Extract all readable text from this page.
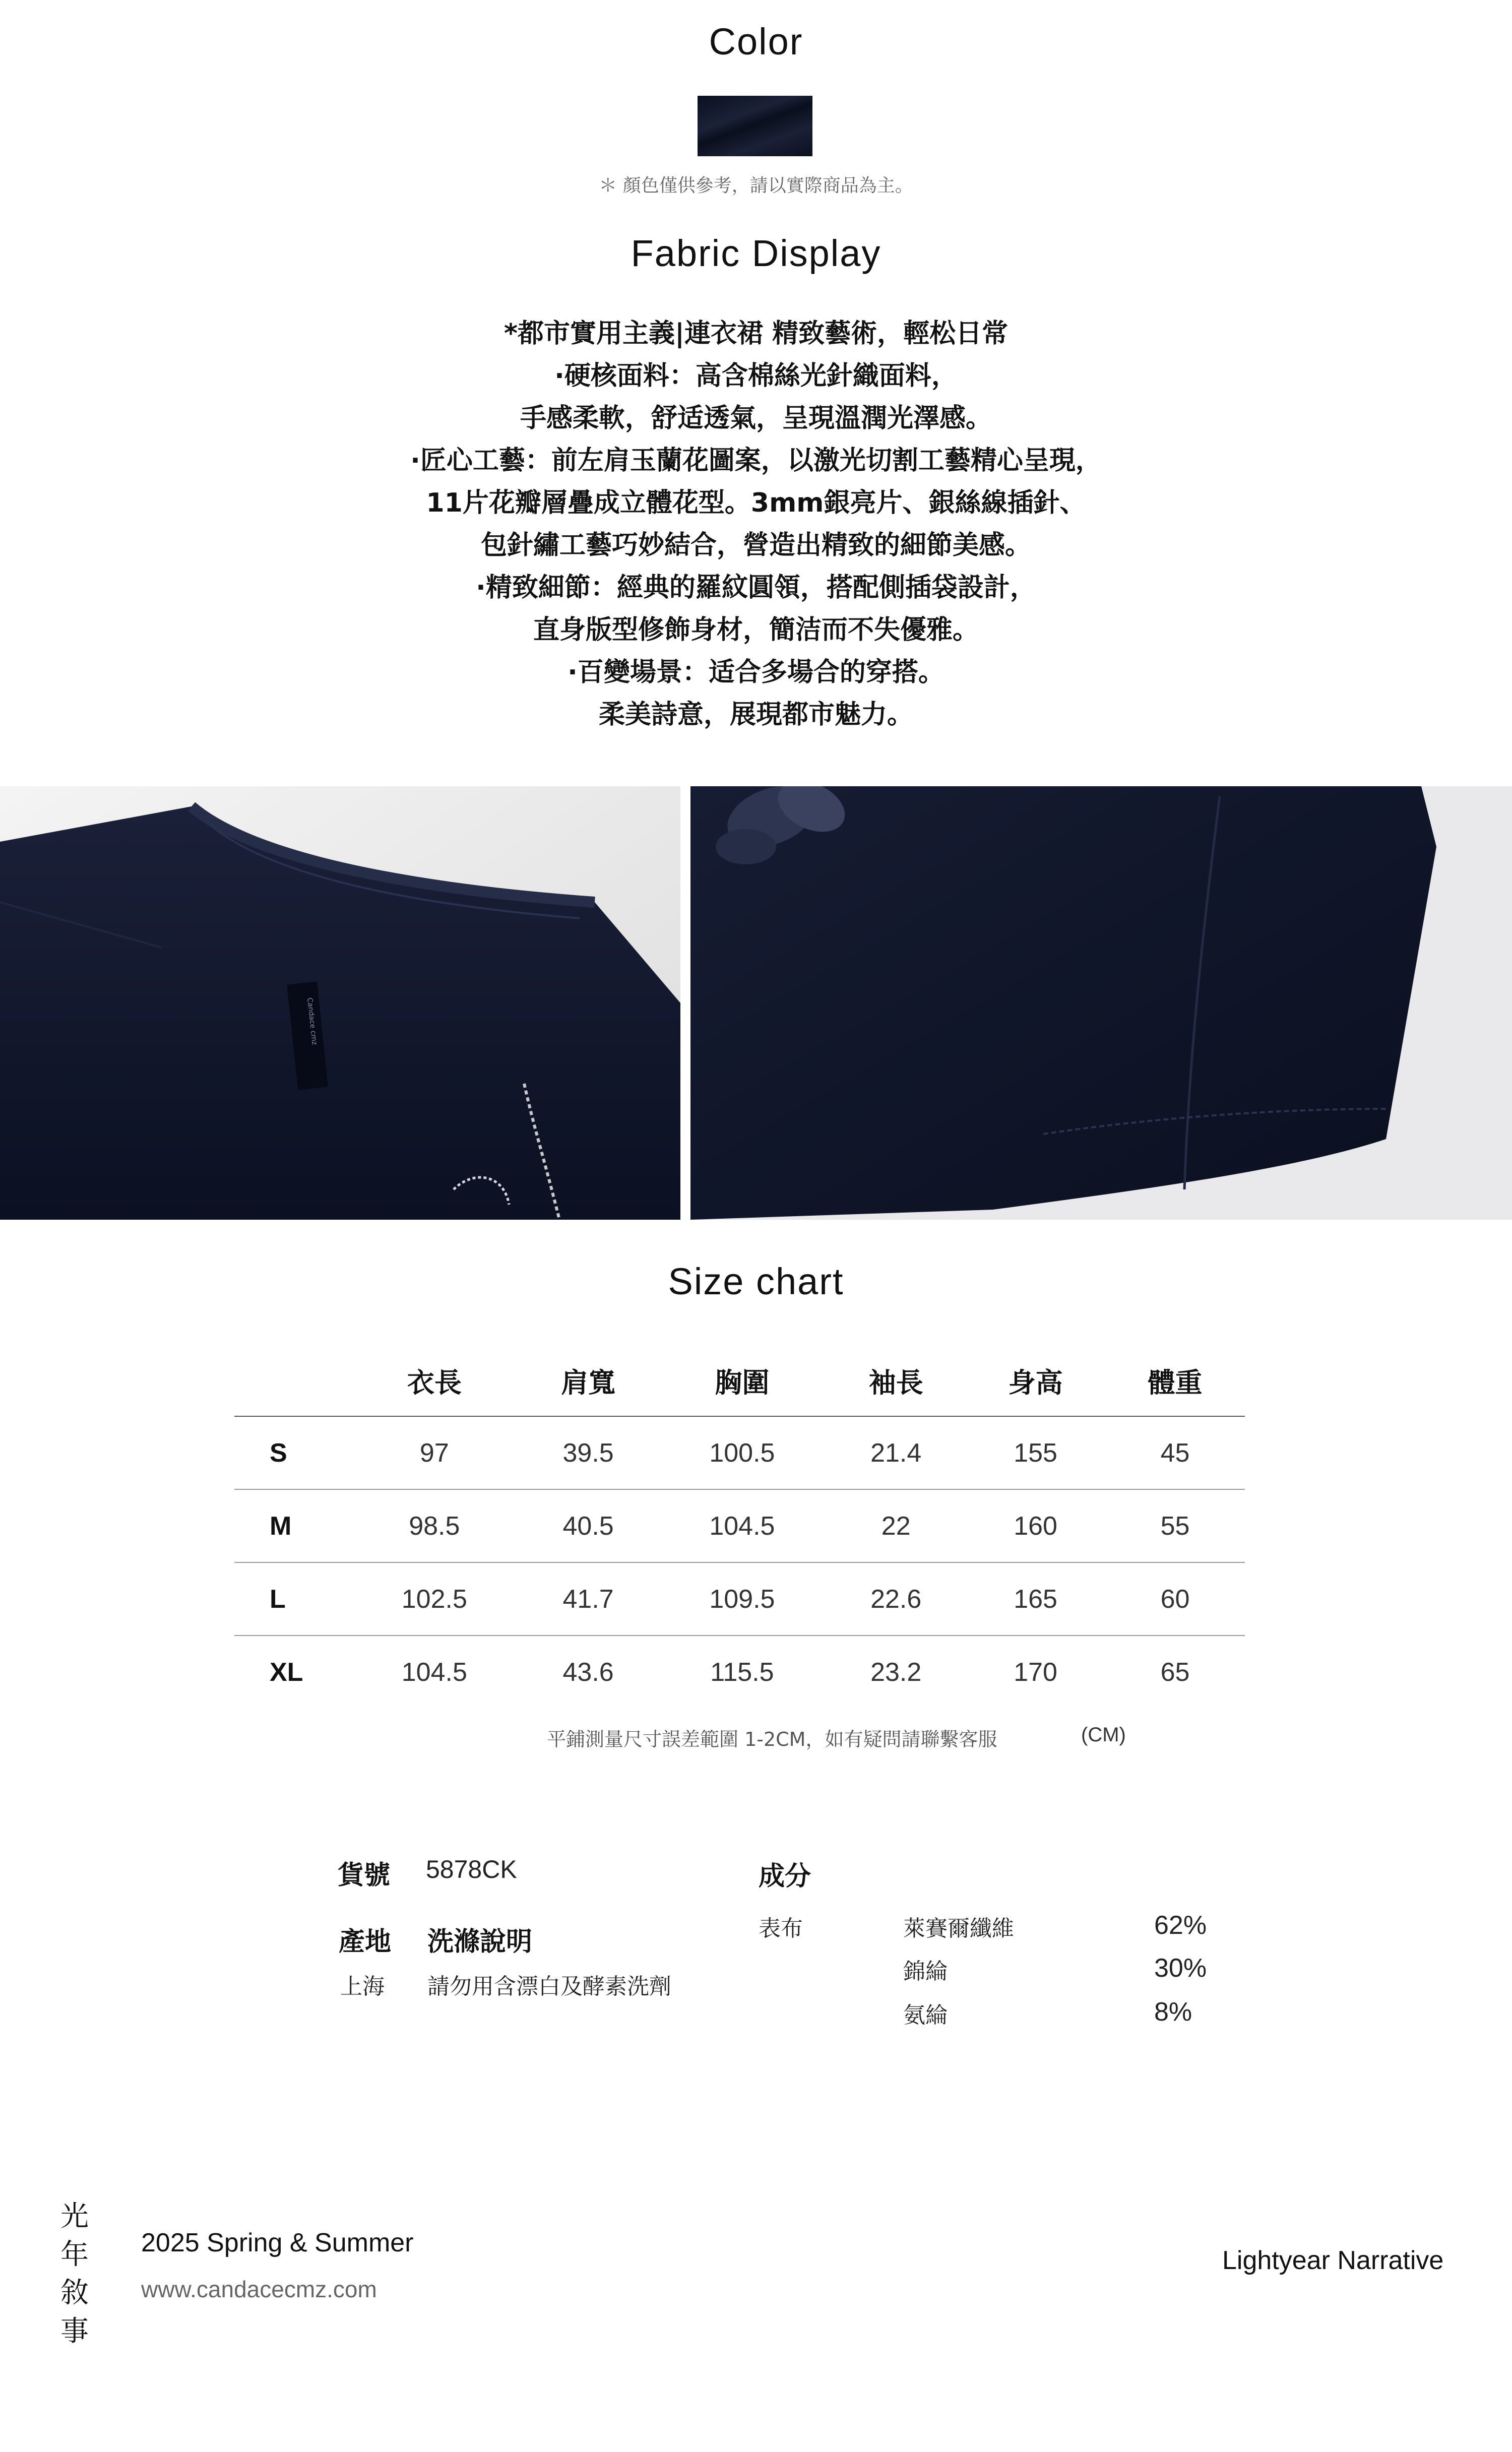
Color
＊ 顏色僅供參考，請以實際商品為主。
Fabric Display
*都市實用主義|連衣裙 精致藝術，輕松日常
·硬核面料：高含棉絲光針織面料，
手感柔軟，舒适透氣，呈現溫潤光澤感。
·匠心工藝：前左肩玉蘭花圖案，以激光切割工藝精心呈現，
11片花瓣層疊成立體花型。3mm銀亮片、銀絲線插針、
包針繡工藝巧妙結合，營造出精致的細節美感。
·精致細節：經典的羅紋圓領，搭配側插袋設計，
直身版型修飾身材，簡洁而不失優雅。
·百變場景：适合多場合的穿搭。
柔美詩意，展現都市魅力。
Candace cmz
Size chart
	衣長	肩寬	胸圍	袖長	身高	體重
S	97	39.5	100.5	21.4	155	45
M	98.5	40.5	104.5	22	160	55
L	102.5	41.7	109.5	22.6	165	60
XL	104.5	43.6	115.5	23.2	170	65
平鋪測量尺寸誤差範圍 1-2CM，如有疑問請聯繫客服	(CM)
貨號 5878CK
產地
上海
洗滌說明
請勿用含漂白及酵素洗劑
成分
表布	萊賽爾纖維	62%
錦綸	30%
氨綸	8%
光
年
敘
事
2025 Spring & Summer
www.candacecmz.com
Lightyear Narrative
